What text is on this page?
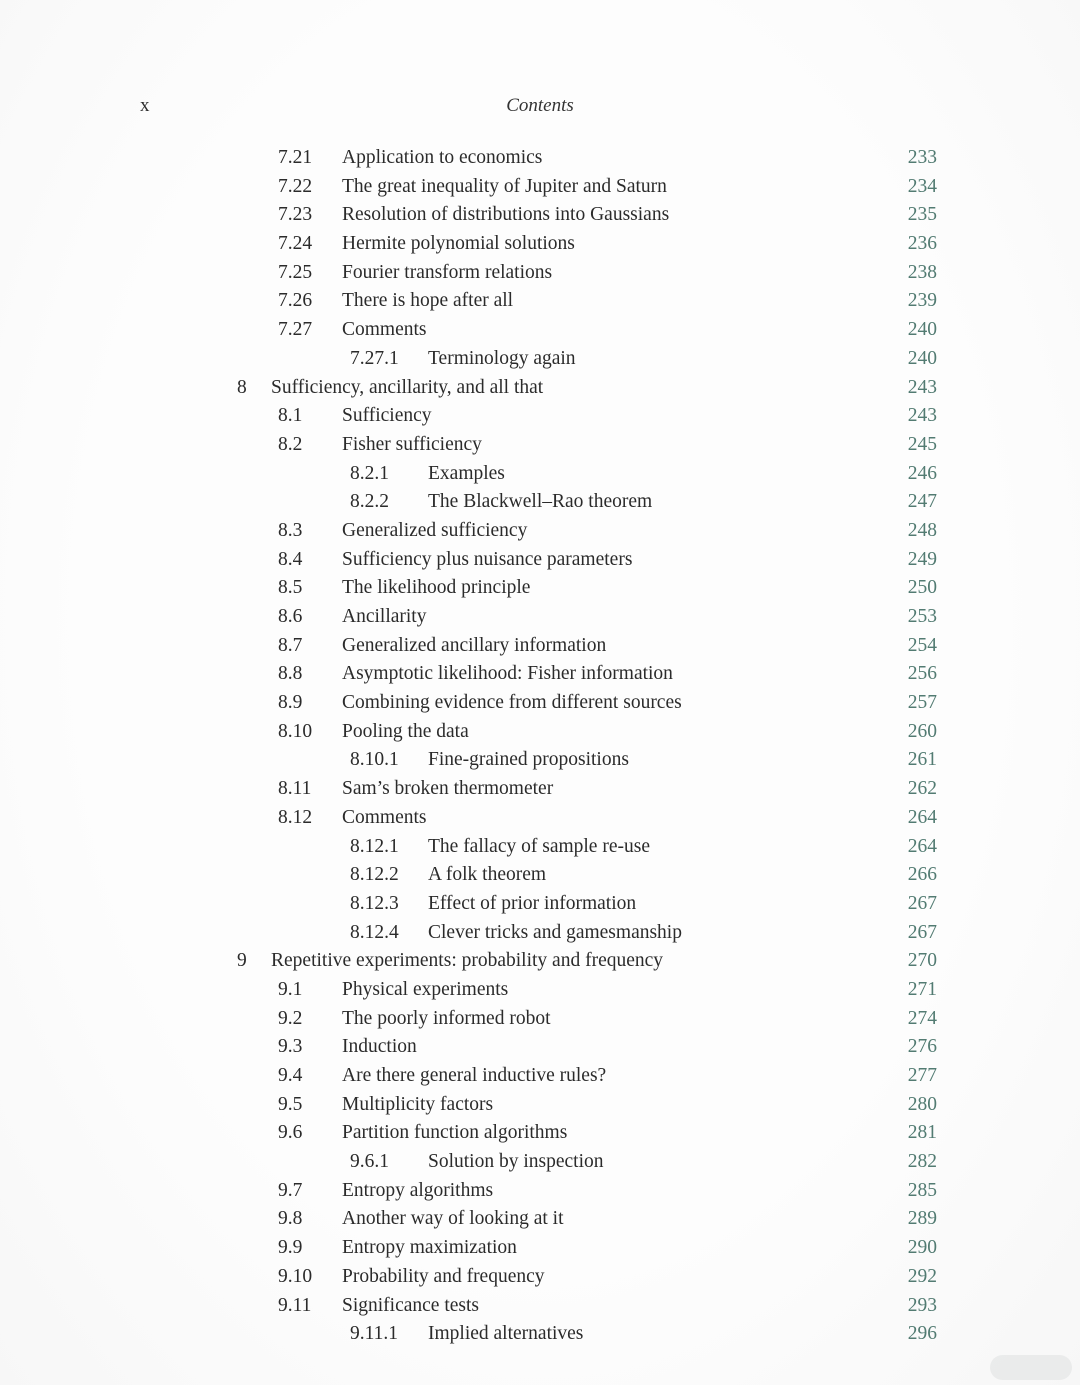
x	Contents
7.21	Application to economics	233
7.22	The great inequality of Jupiter and Saturn	234
7.23	Resolution of distributions into Gaussians	235
7.24	Hermite polynomial solutions	236
7.25	Fourier transform relations	238
7.26	There is hope after all	239
7.27	Comments	240
7.27.1	Terminology again	240
8	Sufficiency, ancillarity, and all that	243
8.1	Sufficiency	243
8.2	Fisher sufficiency	245
8.2.1	Examples	246
8.2.2	The Blackwell–Rao theorem	247
8.3	Generalized sufficiency	248
8.4	Sufficiency plus nuisance parameters	249
8.5	The likelihood principle	250
8.6	Ancillarity	253
8.7	Generalized ancillary information	254
8.8	Asymptotic likelihood: Fisher information	256
8.9	Combining evidence from different sources	257
8.10	Pooling the data	260
8.10.1	Fine-grained propositions	261
8.11	Sam’s broken thermometer	262
8.12	Comments	264
8.12.1	The fallacy of sample re-use	264
8.12.2	A folk theorem	266
8.12.3	Effect of prior information	267
8.12.4	Clever tricks and gamesmanship	267
9	Repetitive experiments: probability and frequency	270
9.1	Physical experiments	271
9.2	The poorly informed robot	274
9.3	Induction	276
9.4	Are there general inductive rules?	277
9.5	Multiplicity factors	280
9.6	Partition function algorithms	281
9.6.1	Solution by inspection	282
9.7	Entropy algorithms	285
9.8	Another way of looking at it	289
9.9	Entropy maximization	290
9.10	Probability and frequency	292
9.11	Significance tests	293
9.11.1	Implied alternatives	296
